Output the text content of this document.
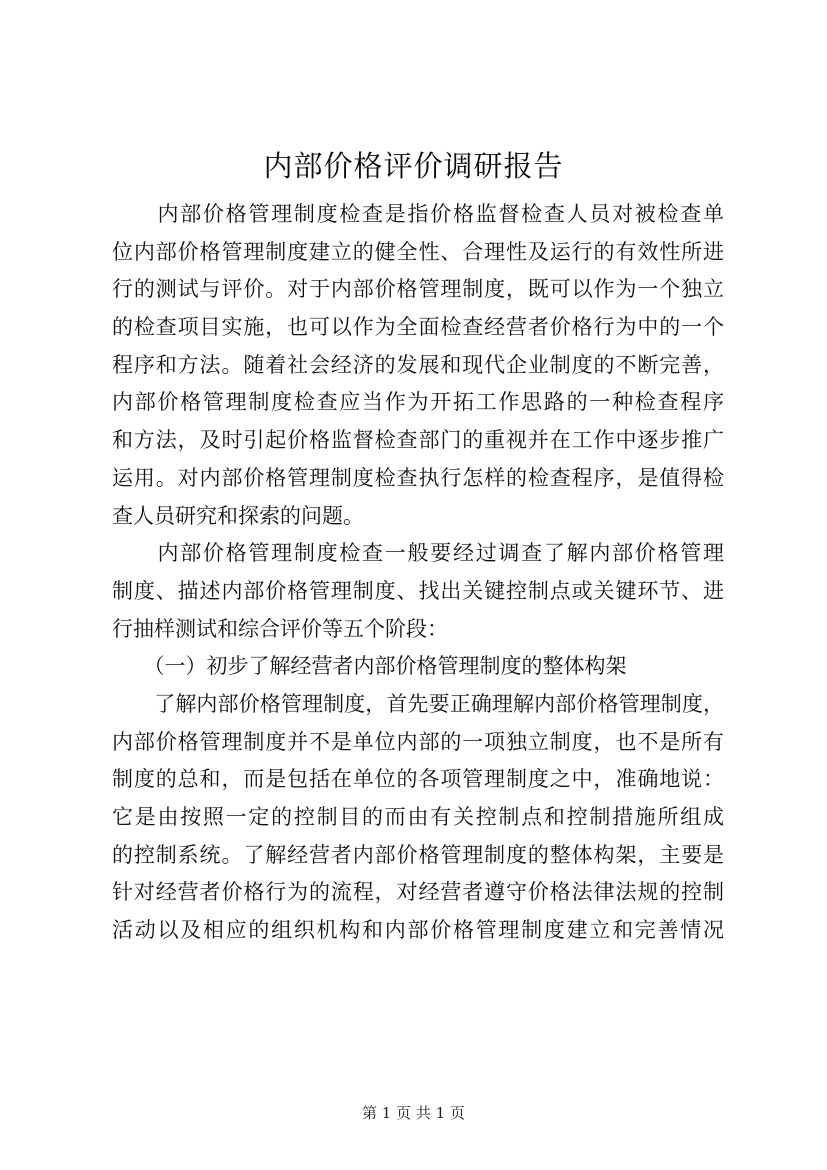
内部价格评价调研报告
　　内部价格管理制度检查是指价格监督检查人员对被检查单
位内部价格管理制度建立的健全性、合理性及运行的有效性所进
行的测试与评价。对于内部价格管理制度，既可以作为一个独立
的检查项目实施，也可以作为全面检查经营者价格行为中的一个
程序和方法。随着社会经济的发展和现代企业制度的不断完善，
内部价格管理制度检查应当作为开拓工作思路的一种检查程序
和方法，及时引起价格监督检查部门的重视并在工作中逐步推广
运用。对内部价格管理制度检查执行怎样的检查程序，是值得检
查人员研究和探索的问题。
　　内部价格管理制度检查一般要经过调查了解内部价格管理
制度、描述内部价格管理制度、找出关键控制点或关键环节、进
行抽样测试和综合评价等五个阶段：
　　（一）初步了解经营者内部价格管理制度的整体构架
　　了解内部价格管理制度，首先要正确理解内部价格管理制度，
内部价格管理制度并不是单位内部的一项独立制度，也不是所有
制度的总和，而是包括在单位的各项管理制度之中，准确地说：
它是由按照一定的控制目的而由有关控制点和控制措施所组成
的控制系统。了解经营者内部价格管理制度的整体构架，主要是
针对经营者价格行为的流程，对经营者遵守价格法律法规的控制
活动以及相应的组织机构和内部价格管理制度建立和完善情况
第 1 页 共 1 页
